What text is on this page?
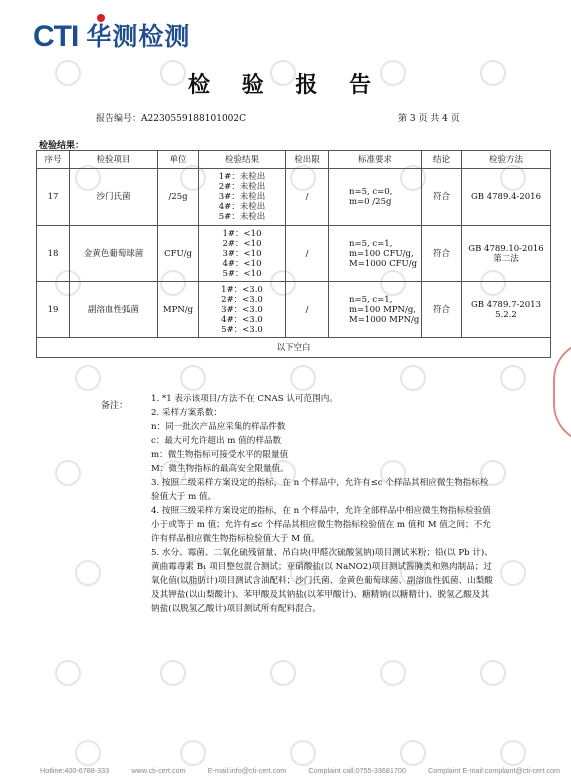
CTI 华测检测
检 验 报 告
报告编号：A2230559188101002C	第 3 页 共 4 页
检验结果：
序号	检验项目	单位	检验结果	检出限	标准要求	结论	检验方法
17	沙门氏菌	/25g	1#：未检出
2#：未检出
3#：未检出
4#：未检出
5#：未检出	/	n=5, c=0,
m=0 /25g	符合	GB 4789.4-2016

18	金黄色葡萄球菌	CFU/g	1#：<10
2#：<10
3#：<10
4#：<10
5#：<10	/	n=5, c=1,
m=100 CFU/g,
M=1000 CFU/g	符合	GB 4789.10-2016
第二法

19	副溶血性弧菌	MPN/g	1#：<3.0
2#：<3.0
3#：<3.0
4#：<3.0
5#：<3.0	/	n=5, c=1,
m=100 MPN/g,
M=1000 MPN/g	符合	GB 4789.7-2013
5.2.2

以下空白							
备注：

1. *1 表示该项目/方法不在 CNAS 认可范围内。

2. 采样方案系数：

n：同一批次产品应采集的样品件数

c：最大可允许超出 m 值的样品数

m：微生物指标可接受水平的限量值

M：微生物指标的最高安全限量值。

3. 按照二级采样方案设定的指标，在 n 个样品中，允许有≤c 个样品其相应微生物指标检验值大于 m 值。

4. 按照三级采样方案设定的指标，在 n 个样品中，允许全部样品中相应微生物指标检验值小于或等于 m 值；允许有≤c 个样品其相应微生物指标检验值在 m 值和 M 值之间；不允许有样品相应微生物指标检验值大于 M 值。

5. 水分、霉菌、二氧化硫残留量、吊白块(甲醛次硫酸氢钠)项目测试米粉；铅(以 Pb 计)、黄曲霉毒素 B₁ 项目整包混合测试；亚硝酸盐(以 NaNO2)项目测试酱腌类和熟肉制品；过氧化值(以脂肪计)项目测试含油配料；沙门氏菌、金黄色葡萄球菌、副溶血性弧菌、山梨酸及其钾盐(以山梨酸计)、苯甲酸及其钠盐(以苯甲酸计)、糖精钠(以糖精计)、脱氢乙酸及其钠盐(以脱氢乙酸计)项目测试所有配料混合。

Hotline:400-6788-333	www.cti-cert.com	E-mail:info@cti-cert.com	Complaint call:0755-33681700	Complaint E-mail:complaint@cti-cert.com
